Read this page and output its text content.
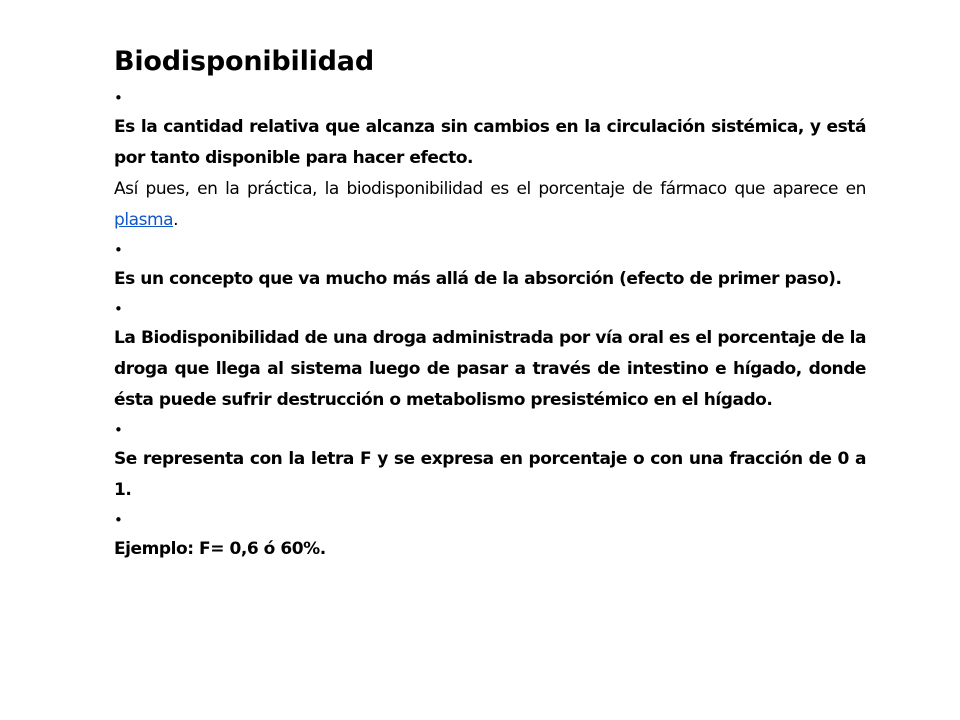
Biodisponibilidad
•

Es la cantidad relativa que alcanza sin cambios en la circulación sistémica, y está por tanto disponible para hacer efecto.

Así pues, en la práctica, la biodisponibilidad es el porcentaje de fármaco que aparece en plasma.

•

Es un concepto que va mucho más allá de la absorción (efecto de primer paso).

•

La Biodisponibilidad de una droga administrada por vía oral es el porcentaje de la droga que llega al sistema luego de pasar a través de intestino e hígado, donde ésta puede sufrir destrucción o metabolismo presistémico en el hígado.

•

Se representa con la letra F y se expresa en porcentaje o con una fracción de 0 a 1.

•

Ejemplo: F= 0,6 ó 60%.
